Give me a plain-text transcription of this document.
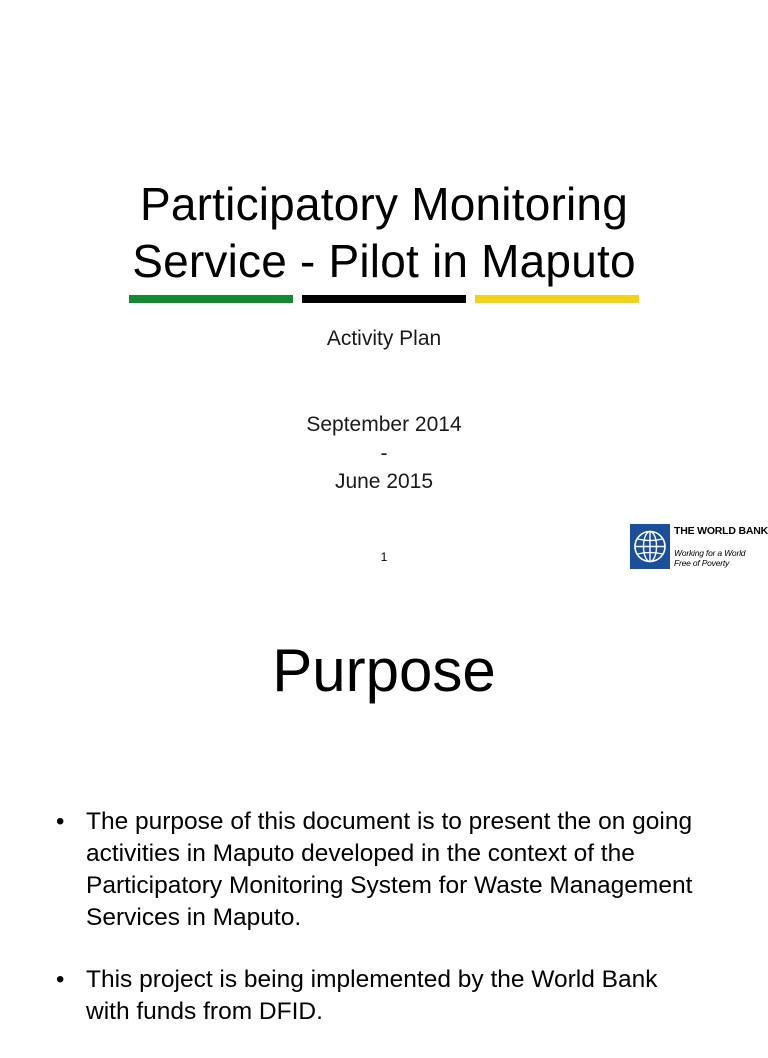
Participatory Monitoring
Service - Pilot in Maputo
Activity Plan
September 2014
-
June 2015
1
THE WORLD BANK
Working for a World
Free of Poverty
Purpose
• The purpose of this document is to present the on going activities in Maputo developed in the context of the Participatory Monitoring System for Waste Management Services in Maputo.
• This project is being implemented by the World Bank with funds from DFID.
